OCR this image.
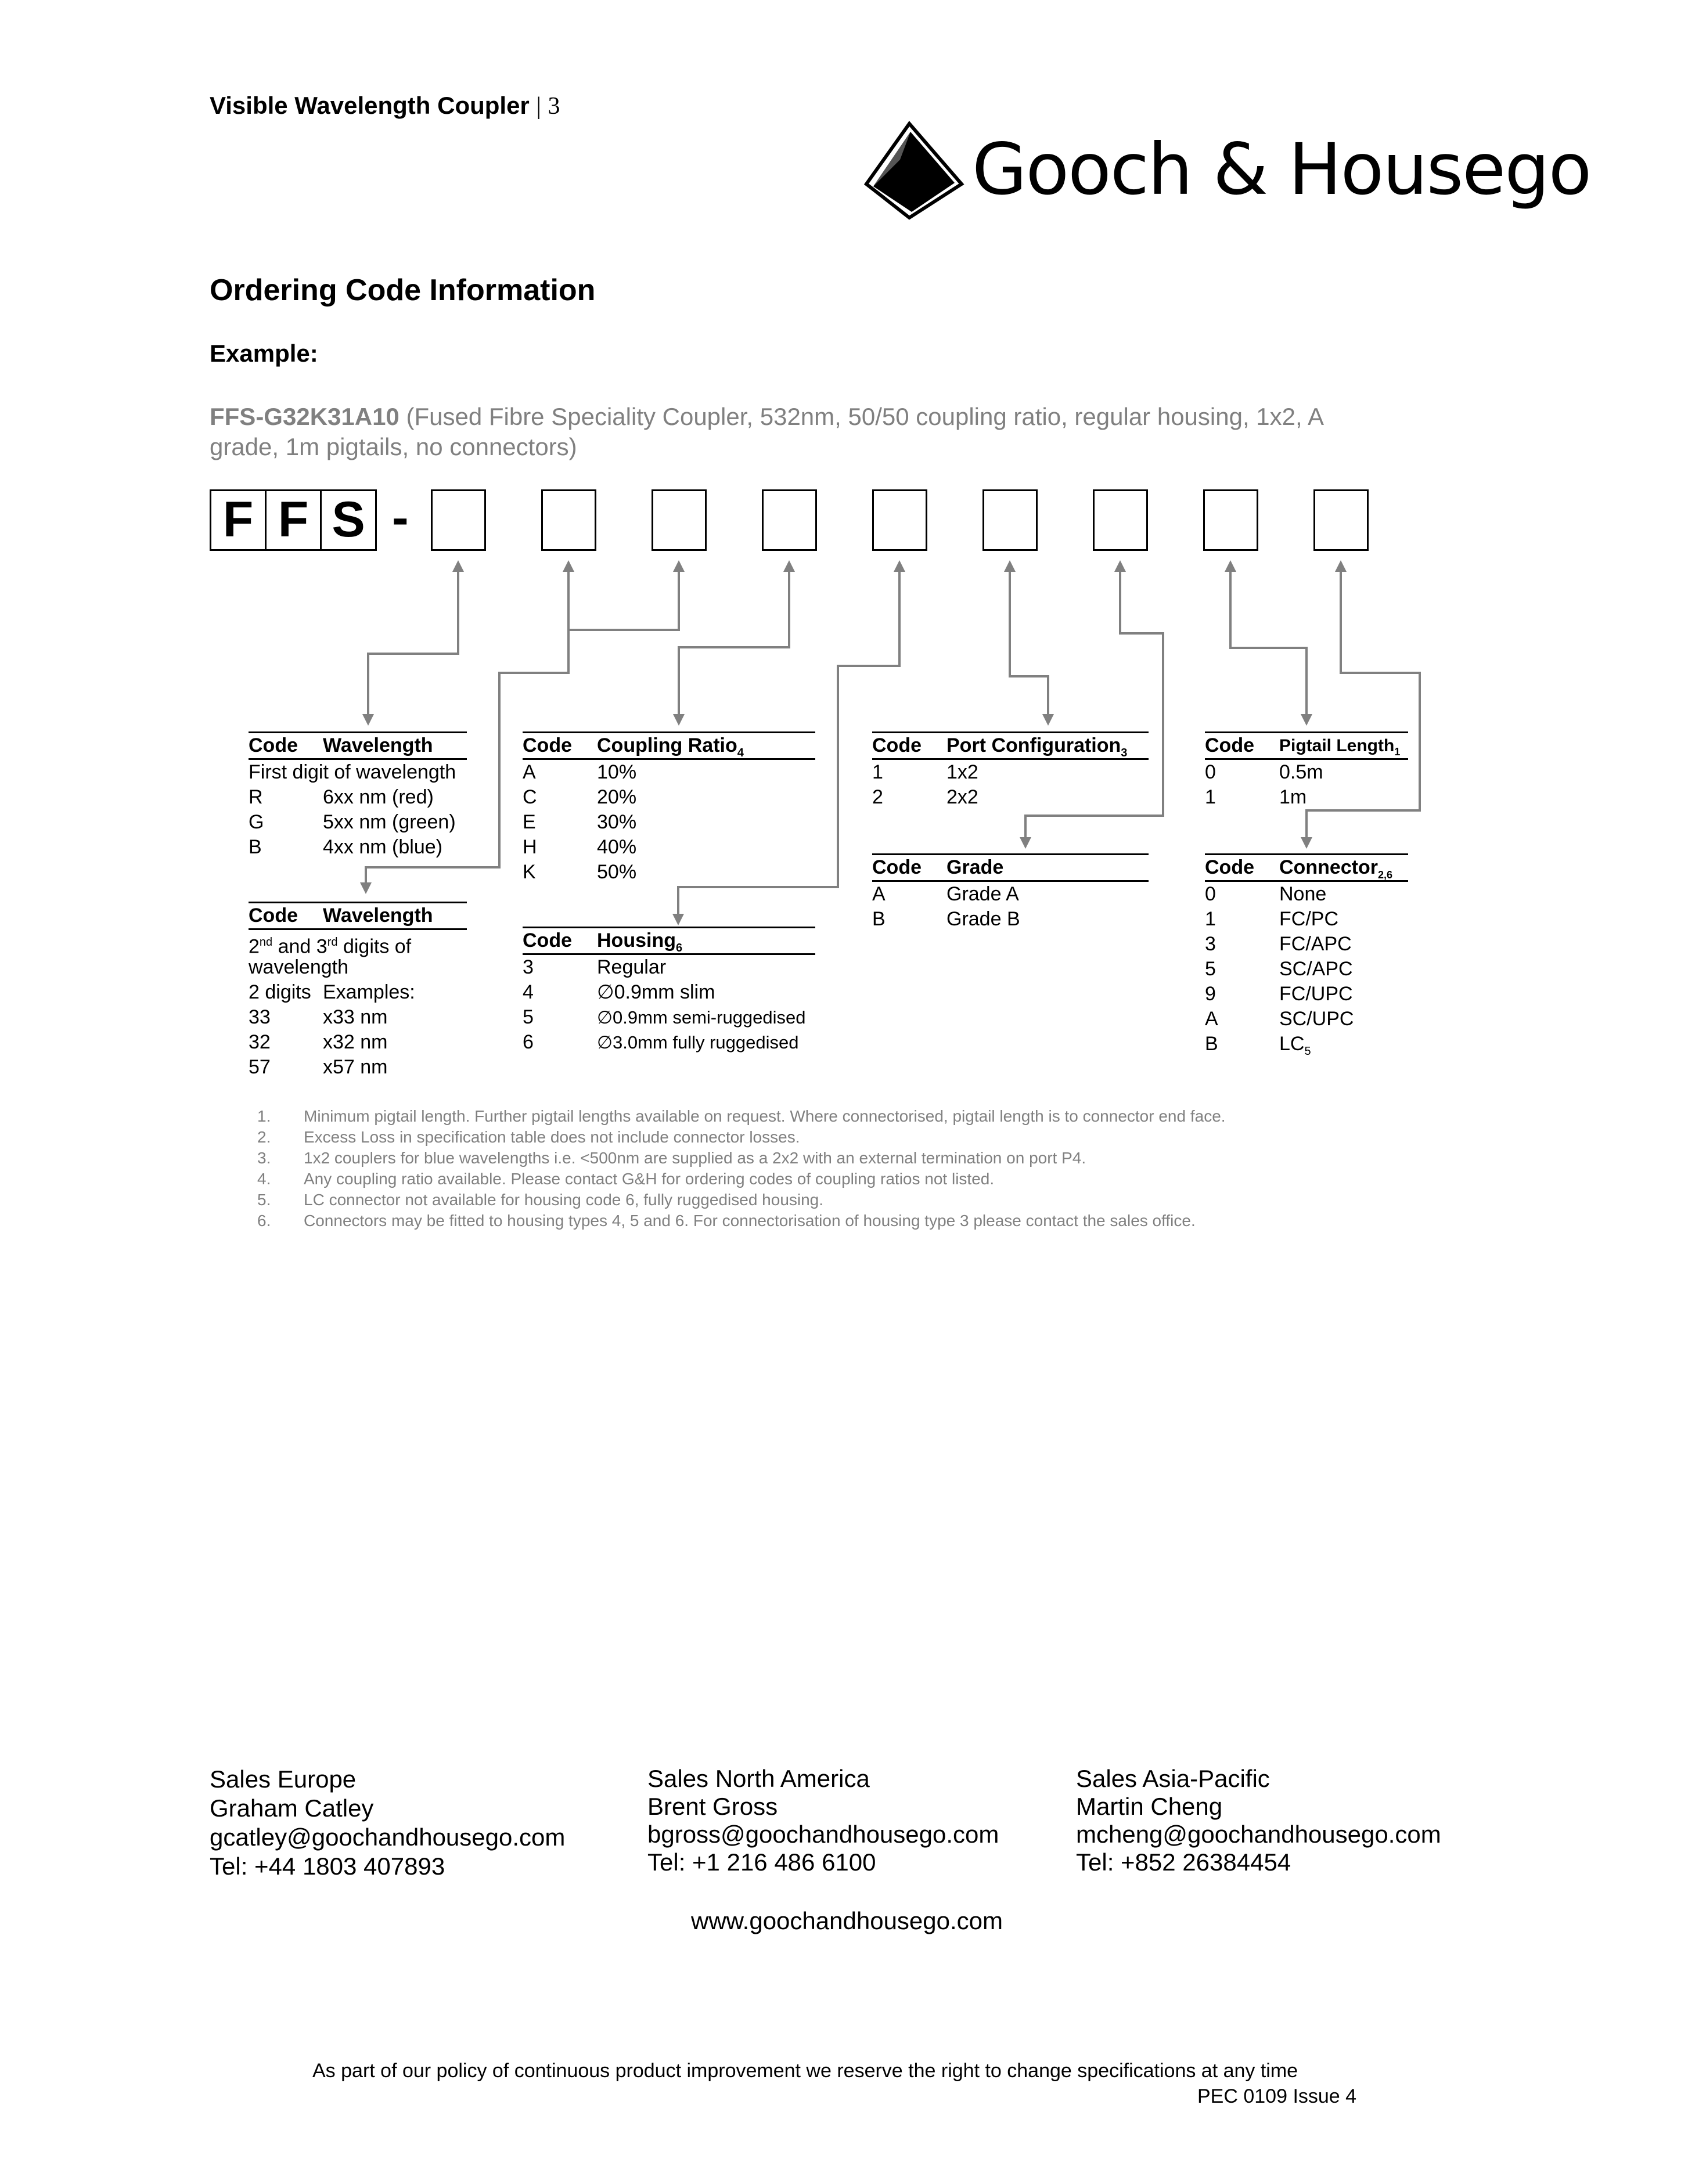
Visible Wavelength Coupler | 3
Gooch & Housego
Ordering Code Information
Example:
FFS-G32K31A10 (Fused Fibre Speciality Coupler, 532nm, 50/50 coupling ratio, regular housing, 1x2, A
grade, 1m pigtails, no connectors)
F F S -
Code Wavelength
First digit of wavelength
R	6xx nm (red)
G	5xx nm (green)
B	4xx nm (blue)
Code Wavelength
2nd and 3rd digits of
wavelength
2 digits Examples:
33	x33 nm
32	x32 nm
57	x57 nm
Code Coupling Ratio$_4$
A	10%
C	20%
E	30%
H	40%
K	50%
Code Housing$_6$
3	Regular
4	∅0.9mm slim
5	∅0.9mm semi-ruggedised
6	∅3.0mm fully ruggedised
Code Port Configuration$_3$
1	1x2
2	2x2
Code Grade
A	Grade A
B	Grade B
Code Pigtail Length$_1$
0	0.5m
1	1m
Code Connector$_{2,6}$
0	None
1	FC/PC
3	FC/APC
5	SC/APC
9	FC/UPC
A	SC/UPC
B	$LC_5$
1. Minimum pigtail length. Further pigtail lengths available on request. Where connectorised, pigtail length is to connector end face.
2. Excess Loss in specification table does not include connector losses.
3. 1x2 couplers for blue wavelengths i.e. <500nm are supplied as a 2x2 with an external termination on port P4.
4. Any coupling ratio available. Please contact G&H for ordering codes of coupling ratios not listed.
5. LC connector not available for housing code 6, fully ruggedised housing.
6. Connectors may be fitted to housing types 4, 5 and 6. For connectorisation of housing type 3 please contact the sales office.
Sales Europe
Graham Catley
gcatley@goochandhousego.com
Tel: +44 1803 407893
Sales North America
Brent Gross
bgross@goochandhousego.com
Tel: +1 216 486 6100
Sales Asia-Pacific
Martin Cheng
mcheng@goochandhousego.com
Tel: +852 26384454
www.goochandhousego.com
As part of our policy of continuous product improvement we reserve the right to change specifications at any time
PEC 0109 Issue 4
